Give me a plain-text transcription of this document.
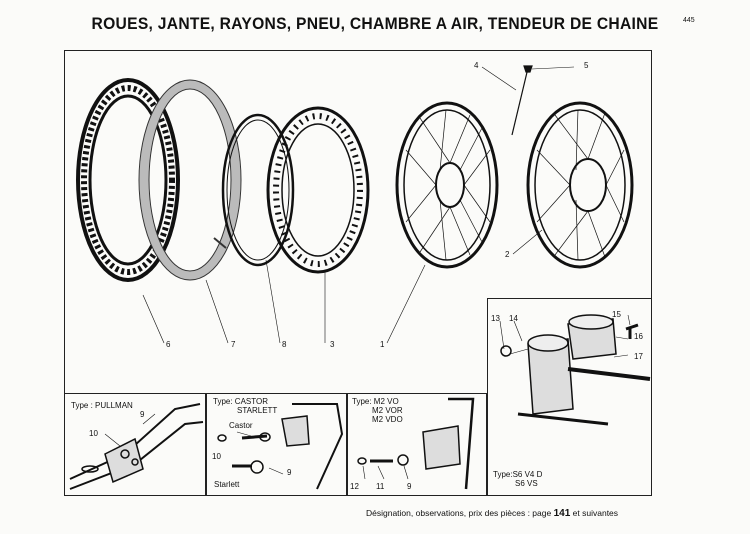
ROUES, JANTE, RAYONS, PNEU, CHAMBRE A AIR, TENDEUR DE CHAINE	445
4	5
2
6	7	8	3	1
13 14	15
16
17
Type:S6 V4 D
S6 VS
Type : PULLMAN
9
10
Type: CASTOR
STARLETT
Castor
10
9
Starlett
Type: M2 VO
M2 VOR
M2 VDO
12 11	9
Désignation, observations, prix des pièces : page 141 et suivantes
